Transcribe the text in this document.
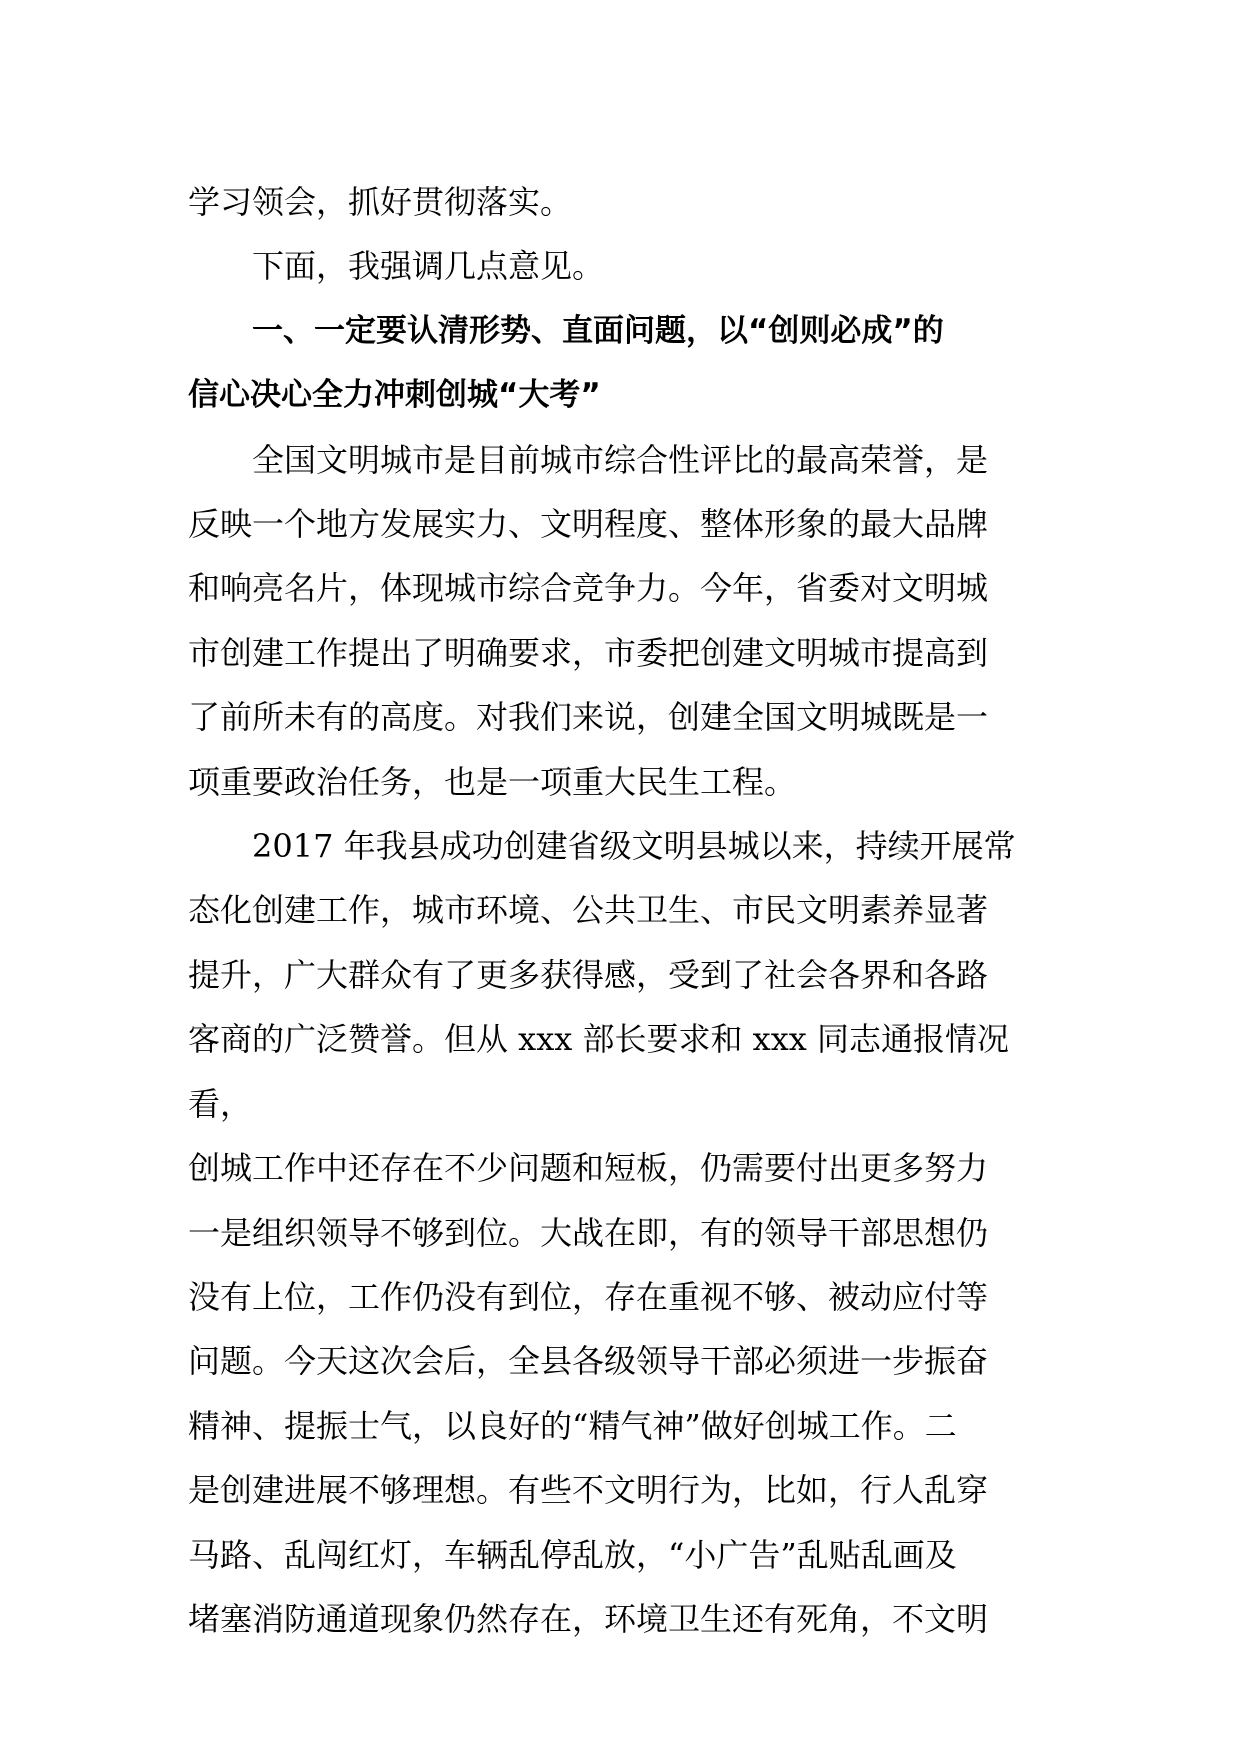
学习领会，抓好贯彻落实。

下面，我强调几点意见。

一、一定要认清形势、直面问题，以“创则必成”的
信心决心全力冲刺创城“大考”

全国文明城市是目前城市综合性评比的最高荣誉，是
反映一个地方发展实力、文明程度、整体形象的最大品牌
和响亮名片，体现城市综合竞争力。今年，省委对文明城
市创建工作提出了明确要求，市委把创建文明城市提高到
了前所未有的高度。对我们来说，创建全国文明城既是一
项重要政治任务，也是一项重大民生工程。

2017 年我县成功创建省级文明县城以来，持续开展常
态化创建工作，城市环境、公共卫生、市民文明素养显著
提升，广大群众有了更多获得感，受到了社会各界和各路
客商的广泛赞誉。但从 xxx 部长要求和 xxx 同志通报情况看，
创城工作中还存在不少问题和短板，仍需要付出更多努力
一是组织领导不够到位。大战在即，有的领导干部思想仍
没有上位，工作仍没有到位，存在重视不够、被动应付等
问题。今天这次会后，全县各级领导干部必须进一步振奋
精神、提振士气，以良好的“精气神”做好创城工作。二
是创建进展不够理想。有些不文明行为，比如，行人乱穿
马路、乱闯红灯，车辆乱停乱放，“小广告”乱贴乱画及
堵塞消防通道现象仍然存在，环境卫生还有死角，不文明
